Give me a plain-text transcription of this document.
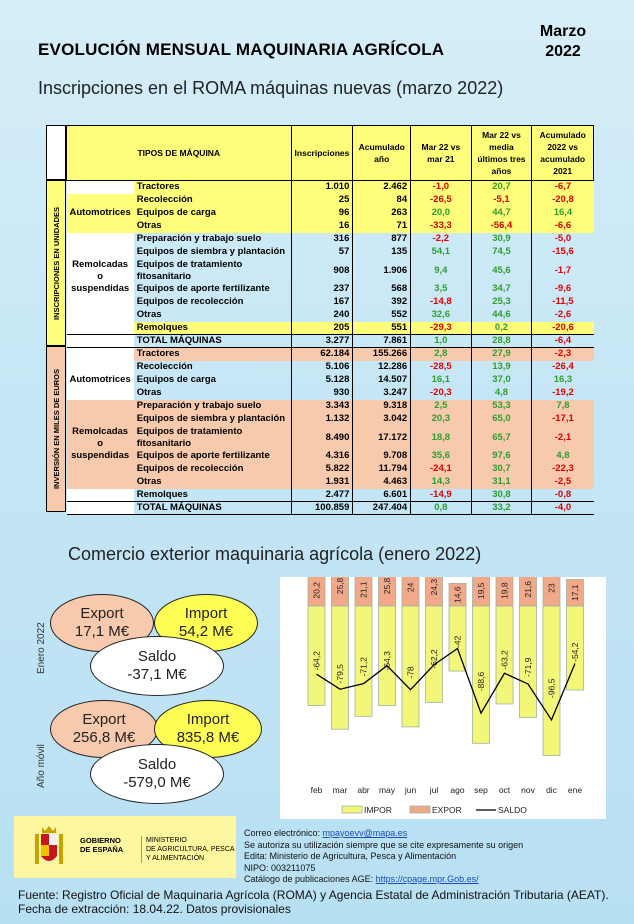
EVOLUCIÓN MENSUAL MAQUINARIA AGRÍCOLA
Marzo
2022
Inscripciones en el ROMA máquinas nuevas (marzo 2022)
INSCRIPCIONES EN UNIDADES
INVERSIÓN EN MILES DE EUROS
TIPOS DE MÁQUINA		Inscripciones	Acumulado año	Mar 22 vs mar 21	Mar 22 vs media últimos tres años	Acumulado 2022 vs acumulado 2021
	Tractores	1.010	2.462	-1,0	20,7	-6,7
Automotrices	Recolección	25	84	-26,5	-5,1	-20,8
	Equipos de carga	96	263	20,0	44,7	16,4
	Otras	16	71	-33,3	-56,4	-6,6
Remolcadas o suspendidas	Preparación y trabajo suelo	316	877	-2,2	30,9	-5,0
	Equipos de siembra y plantación	57	135	54,1	74,5	-15,6
	Equipos de tratamiento fitosanitario	908	1.906	9,4	45,6	-1,7
	Equipos de aporte fertilizante	237	568	3,5	34,7	-9,6
	Equipos de recolección	167	392	-14,8	25,3	-11,5
	Otras	240	552	32,6	44,6	-2,6
	Remolques	205	551	-29,3	0,2	-20,6
	TOTAL MÁQUINAS	3.277	7.861	1,0	28,8	-6,4
	Tractores	62.184	155.266	2,8	27,9	-2,3
Automotrices	Recolección	5.106	12.286	-28,5	13,9	-26,4
	Equipos de carga	5.128	14.507	16,1	37,0	16,3
	Otras	930	3.247	-20,3	4,8	-19,2
Remolcadas o suspendidas	Preparación y trabajo suelo	3.343	9.318	2,5	53,3	7,8
	Equipos de siembra y plantación	1.132	3.042	20,3	65,0	-17,1
	Equipos de tratamiento fitosanitario	8.490	17.172	18,8	65,7	-2,1
	Equipos de aporte fertilizante	4.316	9.708	35,6	97,6	4,8
	Equipos de recolección	5.822	11.794	-24,1	30,7	-22,3
	Otras	1.931	4.463	14,3	31,1	-2,5
	Remolques	2.477	6.601	-14,9	30,8	-0,8
	TOTAL MÁQUINAS	100.859	247.404	0,8	33,2	-4,0
Comercio exterior maquinaria agrícola (enero 2022)
Enero 2022
Año móvil
Export
17,1 M€
Import
54,2 M€
Saldo
-37,1 M€
Export
256,8 M€
Import
835,8 M€
Saldo
-579,0 M€
20,2
-64,2
feb
25,8
-79,5
mar
21,1
-71,2
abr
25,8
-64,3
may
24
-78
jun
24,3
-62,2
jul
14,6
-42
ago
19,5
-88,6
sep
19,8
-63,2
oct
21,6
-71,9
nov
23
-96,5
dic
17,1
-54,2
ene
IMPOR	EXPOR	SALDO
GOBIERNO
DE ESPAÑA
MINISTERIO
DE AGRICULTURA, PESCA
Y ALIMENTACIÓN
Correo electrónico: mpayoevv@mapa.es
Se autoriza su utilización siempre que se cite expresamente su origen
Edita: Ministerio de Agricultura, Pesca y Alimentación
NIPO: 003211075
Catálogo de publicaciones AGE: https://cpage.mpr.Gob.es/
Fuente: Registro Oficial de Maquinaria Agrícola (ROMA) y Agencia Estatal de Administración Tributaria (AEAT). Fecha de extracción: 18.04.22. Datos provisionales
